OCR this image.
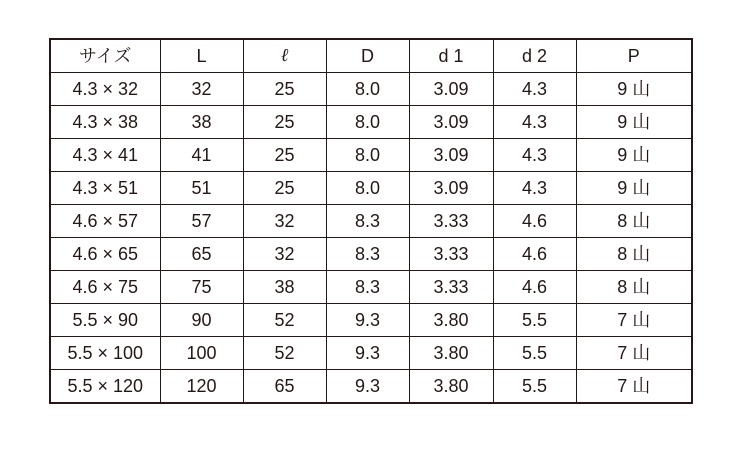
サイズ	L	ℓ	D	d 1	d 2	P
4.3 × 32	32	25	8.0	3.09	4.3	9 山
4.3 × 38	38	25	8.0	3.09	4.3	9 山
4.3 × 41	41	25	8.0	3.09	4.3	9 山
4.3 × 51	51	25	8.0	3.09	4.3	9 山
4.6 × 57	57	32	8.3	3.33	4.6	8 山
4.6 × 65	65	32	8.3	3.33	4.6	8 山
4.6 × 75	75	38	8.3	3.33	4.6	8 山
5.5 × 90	90	52	9.3	3.80	5.5	7 山
5.5 × 100	100	52	9.3	3.80	5.5	7 山
5.5 × 120	120	65	9.3	3.80	5.5	7 山
